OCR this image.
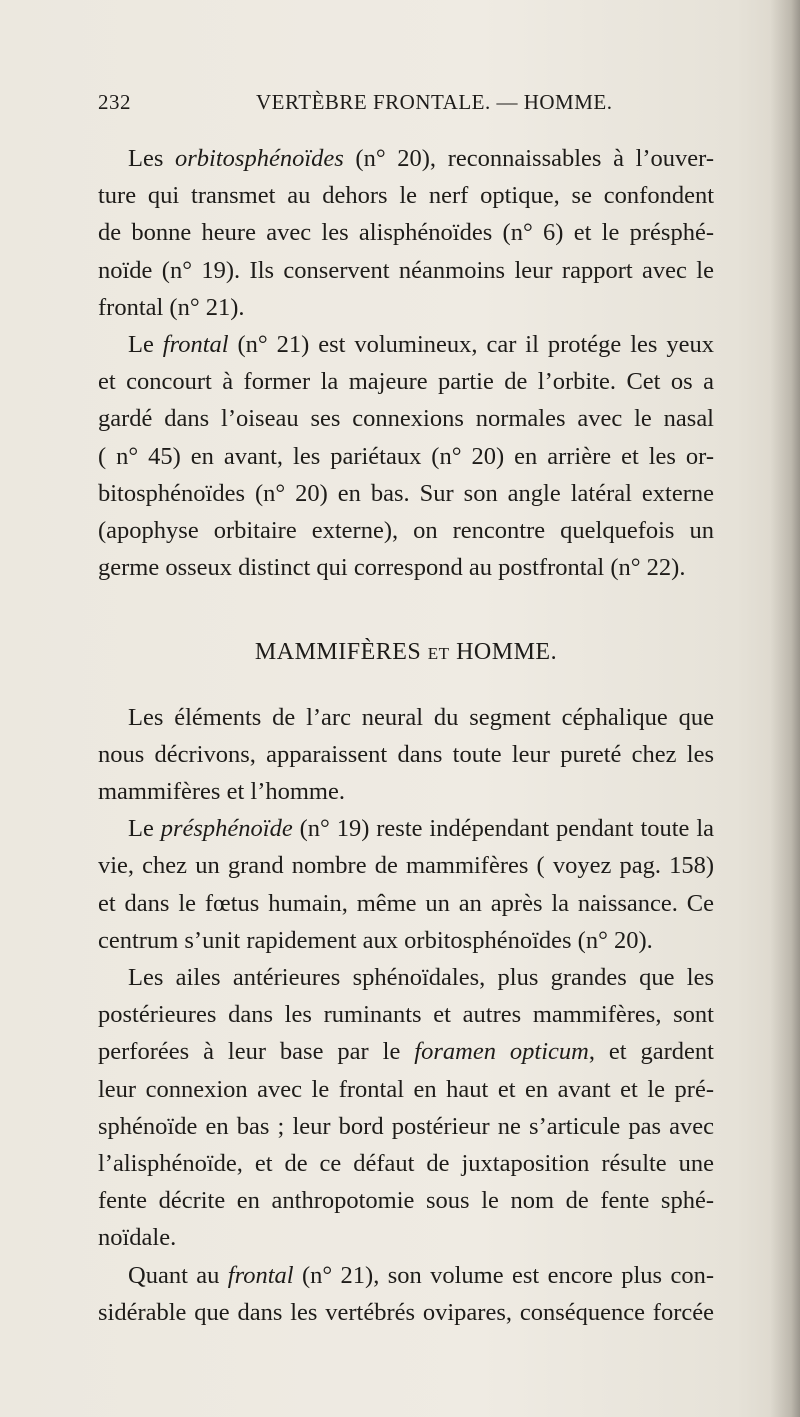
232	VERTÈBRE FRONTALE. — HOMME.
Les orbitosphénoïdes (n° 20), reconnaissables à l’ouver-
ture qui transmet au dehors le nerf optique, se confondent
de bonne heure avec les alisphénoïdes (n° 6) et le présphé-
noïde (n° 19). Ils conservent néanmoins leur rapport avec le
frontal (n° 21).
Le frontal (n° 21) est volumineux, car il protége les yeux
et concourt à former la majeure partie de l’orbite. Cet os a
gardé dans l’oiseau ses connexions normales avec le nasal
( n° 45) en avant, les pariétaux (n° 20) en arrière et les or-
bitosphénoïdes (n° 20) en bas. Sur son angle latéral externe
(apophyse orbitaire externe), on rencontre quelquefois un
germe osseux distinct qui correspond au postfrontal (n° 22).
MAMMIFÈRES ET HOMME.
Les éléments de l’arc neural du segment céphalique que
nous décrivons, apparaissent dans toute leur pureté chez les
mammifères et l’homme.
Le présphénoïde (n° 19) reste indépendant pendant toute la
vie, chez un grand nombre de mammifères ( voyez pag. 158)
et dans le fœtus humain, même un an après la naissance. Ce
centrum s’unit rapidement aux orbitosphénoïdes (n° 20).
Les ailes antérieures sphénoïdales, plus grandes que les
postérieures dans les ruminants et autres mammifères, sont
perforées à leur base par le foramen opticum, et gardent
leur connexion avec le frontal en haut et en avant et le pré-
sphénoïde en bas ; leur bord postérieur ne s’articule pas avec
l’alisphénoïde, et de ce défaut de juxtaposition résulte une
fente décrite en anthropotomie sous le nom de fente sphé-
noïdale.
Quant au frontal (n° 21), son volume est encore plus con-
sidérable que dans les vertébrés ovipares, conséquence forcée
